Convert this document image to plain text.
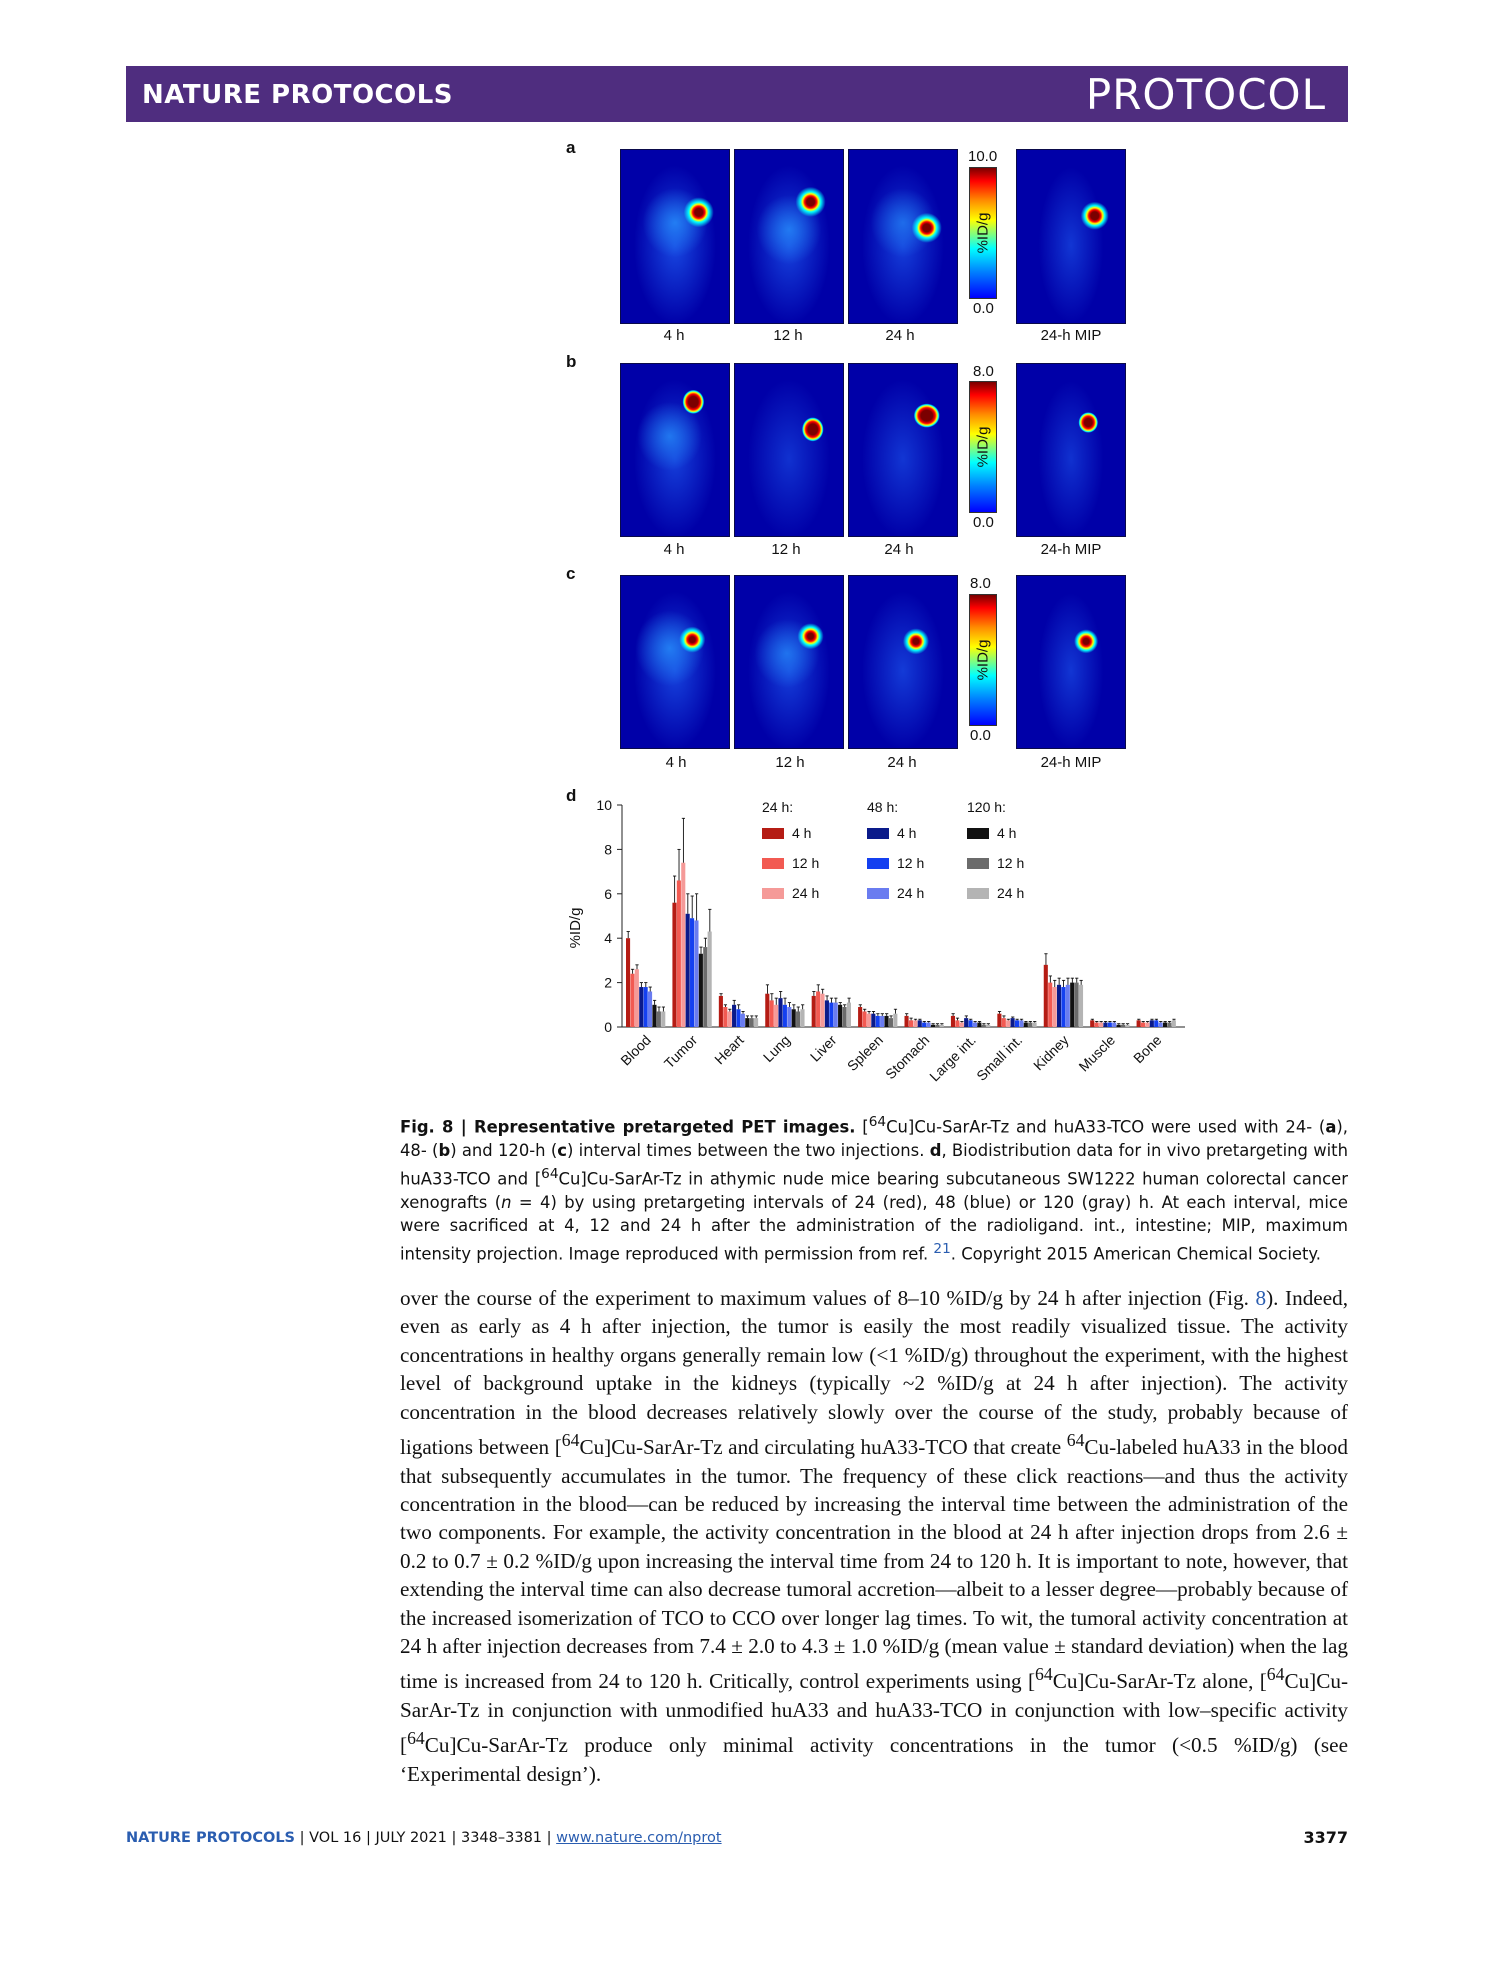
NATURE PROTOCOLS	PROTOCOL
a
%ID/g
10.0
0.0
4 h	12 h	24 h	24-h MIP
b
%ID/g
8.0
0.0
4 h	12 h	24 h	24-h MIP
c
%ID/g
8.0
0.0
4 h	12 h	24 h	24-h MIP
d
0
2
4
6
8
10
%ID/g
Blood Tumor Heart Lung Liver Spleen
Stomach
Large int.
Small int. Kidney Muscle Bone
24 h:	48 h:	120 h:
4 h
12 h
24 h
4 h
12 h
24 h
4 h
12 h
24 h
Fig. 8 | Representative pretargeted PET images. [$^{64}$Cu]Cu-SarAr-Tz and huA33-TCO were used with 24- (a), 48- (b) and 120-h (c) interval times between the two injections. d, Biodistribution data for in vivo pretargeting with huA33-TCO and [$^{64}$Cu]Cu-SarAr-Tz in athymic nude mice bearing subcutaneous SW1222 human colorectal cancer xenografts (n = 4) by using pretargeting intervals of 24 (red), 48 (blue) or 120 (gray) h. At each interval, mice were sacrificed at 4, 12 and 24 h after the administration of the radioligand. int., intestine; MIP, maximum intensity projection. Image reproduced with permission from ref. $^{21}$. Copyright 2015 American Chemical Society.
over the course of the experiment to maximum values of 8–10 %ID/g by 24 h after injection (Fig. 8). Indeed, even as early as 4 h after injection, the tumor is easily the most readily visualized tissue. The activity concentrations in healthy organs generally remain low (<1 %ID/g) throughout the experiment, with the highest level of background uptake in the kidneys (typically ~2 %ID/g at 24 h after injection). The activity concentration in the blood decreases relatively slowly over the course of the study, probably because of ligations between [$^{64}$Cu]Cu-SarAr-Tz and circulating huA33-TCO that create $^{64}$Cu-labeled huA33 in the blood that subsequently accumulates in the tumor. The frequency of these click reactions—and thus the activity concentration in the blood—can be reduced by increasing the interval time between the administration of the two components. For example, the activity concentration in the blood at 24 h after injection drops from 2.6 ± 0.2 to 0.7 ± 0.2 %ID/g upon increasing the interval time from 24 to 120 h. It is important to note, however, that extending the interval time can also decrease tumoral accretion—albeit to a lesser degree—probably because of the increased isomerization of TCO to CCO over longer lag times. To wit, the tumoral activity concentration at 24 h after injection decreases from 7.4 ± 2.0 to 4.3 ± 1.0 %ID/g (mean value ± standard deviation) when the lag time is increased from 24 to 120 h. Critically, control experiments using [$^{64}$Cu]Cu-SarAr-Tz alone, [$^{64}$Cu]Cu-SarAr-Tz in conjunction with unmodified huA33 and huA33-TCO in conjunction with low–specific activity [$^{64}$Cu]Cu-SarAr-Tz produce only minimal activity concentrations in the tumor (<0.5 %ID/g) (see ‘Experimental design’).
NATURE PROTOCOLS | VOL 16 | JULY 2021 | 3348–3381 | www.nature.com/nprot	3377
